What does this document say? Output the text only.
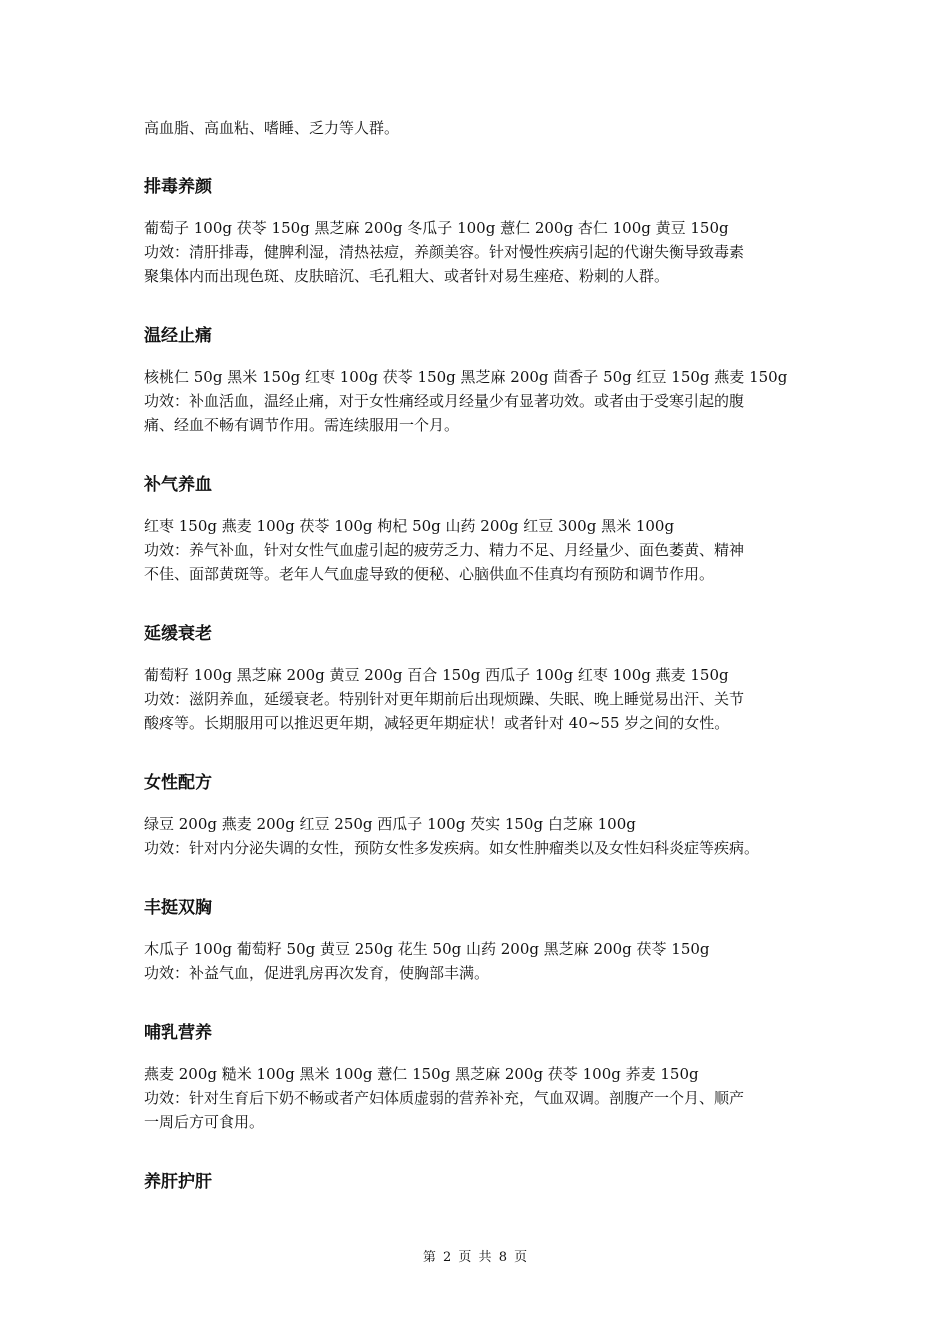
高血脂、高血粘、嗜睡、乏力等人群。
排毒养颜
葡萄子 100g 茯苓 150g 黑芝麻 200g 冬瓜子 100g 薏仁 200g 杏仁 100g 黄豆 150g
功效：清肝排毒，健脾利湿，清热祛痘，养颜美容。针对慢性疾病引起的代谢失衡导致毒素
聚集体内而出现色斑、皮肤暗沉、毛孔粗大、或者针对易生痤疮、粉刺的人群。
温经止痛
核桃仁 50g 黑米 150g 红枣 100g 茯苓 150g 黑芝麻 200g 茴香子 50g 红豆 150g 燕麦 150g
功效：补血活血，温经止痛，对于女性痛经或月经量少有显著功效。或者由于受寒引起的腹
痛、经血不畅有调节作用。需连续服用一个月。
补气养血
红枣 150g 燕麦 100g 茯苓 100g 枸杞 50g 山药 200g 红豆 300g 黑米 100g
功效：养气补血，针对女性气血虚引起的疲劳乏力、精力不足、月经量少、面色萎黄、精神
不佳、面部黄斑等。老年人气血虚导致的便秘、心脑供血不佳真均有预防和调节作用。
延缓衰老
葡萄籽 100g 黑芝麻 200g 黄豆 200g 百合 150g 西瓜子 100g 红枣 100g 燕麦 150g
功效：滋阴养血，延缓衰老。特别针对更年期前后出现烦躁、失眠、晚上睡觉易出汗、关节
酸疼等。长期服用可以推迟更年期，减轻更年期症状！或者针对 40~55 岁之间的女性。
女性配方
绿豆 200g 燕麦 200g 红豆 250g 西瓜子 100g 芡实 150g 白芝麻 100g
功效：针对内分泌失调的女性，预防女性多发疾病。如女性肿瘤类以及女性妇科炎症等疾病。
丰挺双胸
木瓜子 100g 葡萄籽 50g 黄豆 250g 花生 50g 山药 200g 黑芝麻 200g 茯苓 150g
功效：补益气血，促进乳房再次发育，使胸部丰满。
哺乳营养
燕麦 200g 糙米 100g 黑米 100g 薏仁 150g 黑芝麻 200g 茯苓 100g 荞麦 150g
功效：针对生育后下奶不畅或者产妇体质虚弱的营养补充，气血双调。剖腹产一个月、顺产
一周后方可食用。
养肝护肝
第 2 页 共 8 页
